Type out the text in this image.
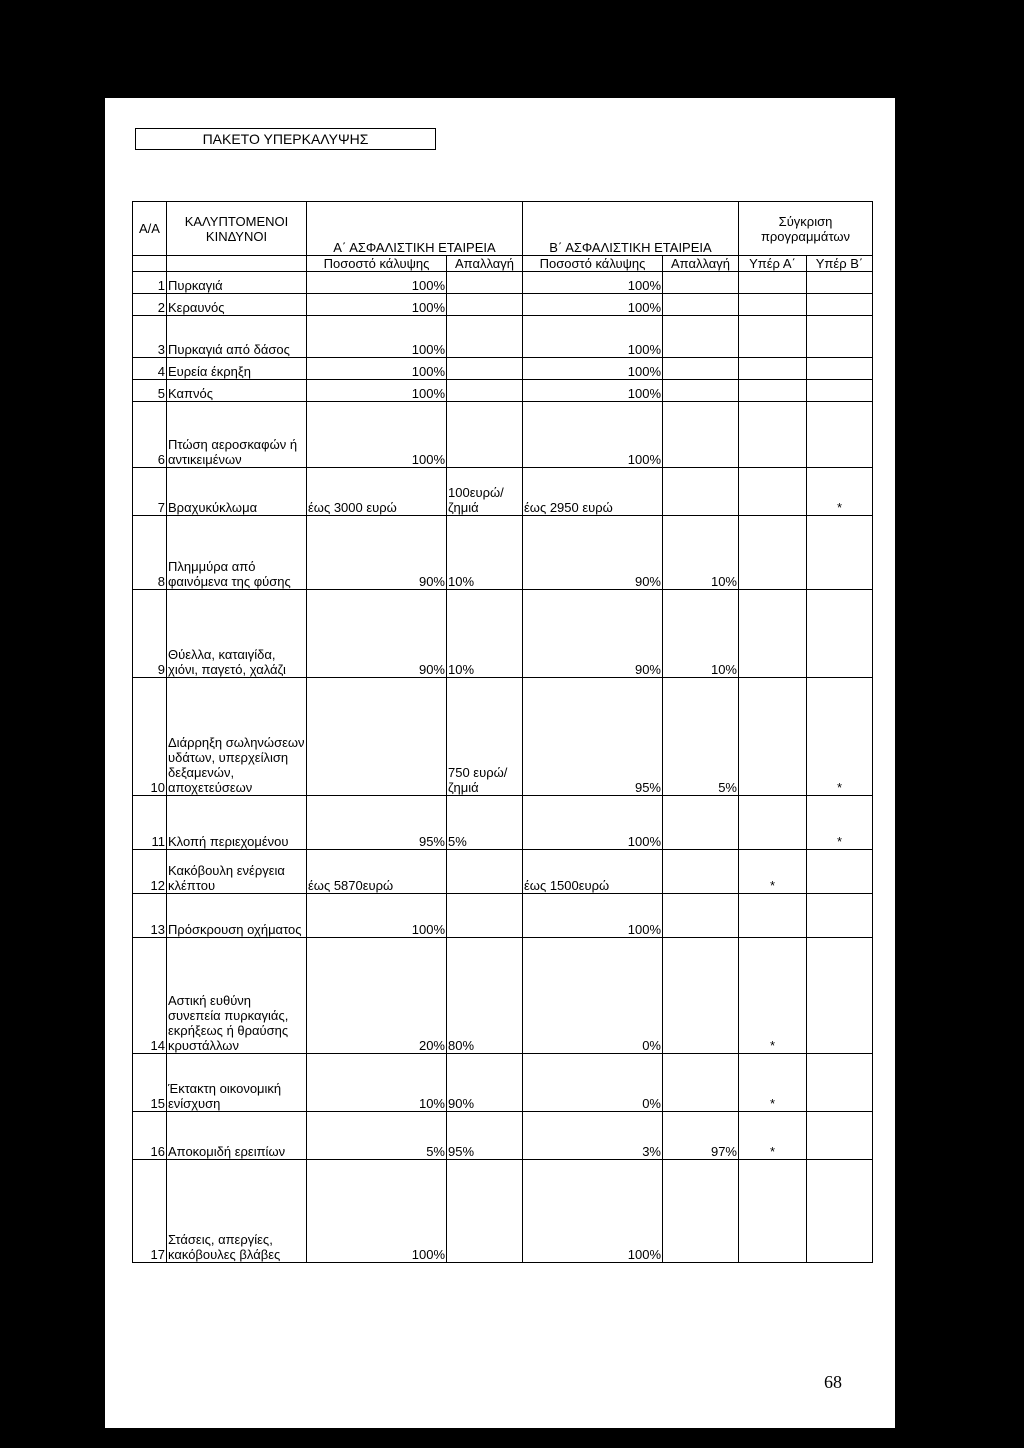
ΠΑΚΕΤΟ ΥΠΕΡΚΑΛΥΨΗΣ
Α/Α	ΚΑΛΥΠΤΟΜΕΝΟΙ ΚΙΝΔΥΝΟΙ	Α΄ ΑΣΦΑΛΙΣΤΙΚΗ ΕΤΑΙΡΕΙΑ		Β΄ ΑΣΦΑΛΙΣΤΙΚΗ ΕΤΑΙΡΕΙΑ		Σύγκριση προγραμμάτων	
		Ποσοστό κάλυψης	Απαλλαγή	Ποσοστό κάλυψης	Απαλλαγή	Υπέρ Α΄	Υπέρ Β΄
1	Πυρκαγιά	100%		100%			
2	Κεραυνός	100%		100%			
3	Πυρκαγιά από δάσος	100%		100%			
4	Ευρεία έκρηξη	100%		100%			
5	Καπνός	100%		100%			
6	Πτώση αεροσκαφών ή αντικειμένων	100%		100%			
7	Βραχυκύκλωμα	έως 3000 ευρώ	100ευρώ/ ζημιά	έως 2950 ευρώ			*
8	Πλημμύρα από φαινόμενα της φύσης	90%	10%	90%	10%		
9	Θύελλα, καταιγίδα, χιόνι, παγετό, χαλάζι	90%	10%	90%	10%		
10	Διάρρηξη σωληνώσεων υδάτων, υπερχείλιση δεξαμενών, αποχετεύσεων		750 ευρώ/ ζημιά	95%	5%		*
11	Κλοπή περιεχομένου	95%	5%	100%			*
12	Κακόβουλη ενέργεια κλέπτου	έως 5870ευρώ		έως 1500ευρώ		*	
13	Πρόσκρουση οχήματος	100%		100%			
14	Αστική ευθύνη συνεπεία πυρκαγιάς, εκρήξεως ή θραύσης κρυστάλλων	20%	80%	0%		*	
15	Έκτακτη οικονομική ενίσχυση	10%	90%	0%		*	
16	Αποκομιδή ερειπίων	5%	95%	3%	97%	*	
17	Στάσεις, απεργίες, κακόβουλες βλάβες	100%		100%			
68
